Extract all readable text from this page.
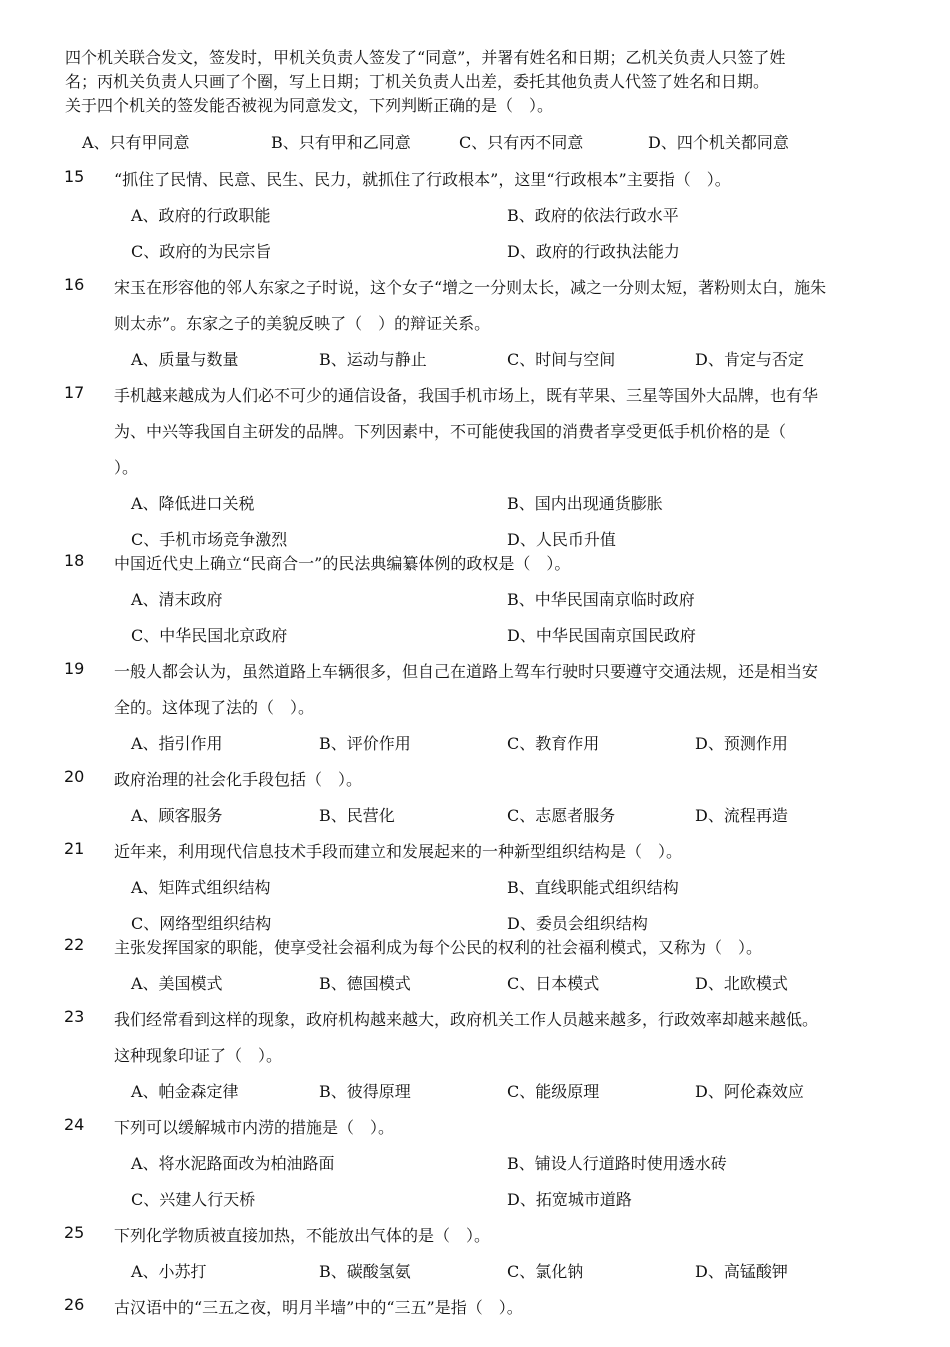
四个机关联合发文，签发时，甲机关负责人签发了“同意”，并署有姓名和日期；乙机关负责人只签了姓
名；丙机关负责人只画了个圈，写上日期；丁机关负责人出差，委托其他负责人代签了姓名和日期。
关于四个机关的签发能否被视为同意发文，下列判断正确的是（　）。
A、只有甲同意	B、只有甲和乙同意	C、只有丙不同意	D、四个机关都同意
15	“抓住了民情、民意、民生、民力，就抓住了行政根本”，这里“行政根本”主要指（　）。
A、政府的行政职能	B、政府的依法行政水平
C、政府的为民宗旨	D、政府的行政执法能力
16	宋玉在形容他的邻人东家之子时说，这个女子“增之一分则太长，减之一分则太短，著粉则太白，施朱
则太赤”。东家之子的美貌反映了（　）的辩证关系。
A、质量与数量	B、运动与静止	C、时间与空间	D、肯定与否定
17	手机越来越成为人们必不可少的通信设备，我国手机市场上，既有苹果、三星等国外大品牌，也有华
为、中兴等我国自主研发的品牌。下列因素中，不可能使我国的消费者享受更低手机价格的是（
）。
A、降低进口关税	B、国内出现通货膨胀
C、手机市场竞争激烈	D、人民币升值
18	中国近代史上确立“民商合一”的民法典编纂体例的政权是（　）。
A、清末政府	B、中华民国南京临时政府
C、中华民国北京政府	D、中华民国南京国民政府
19	一般人都会认为，虽然道路上车辆很多，但自己在道路上驾车行驶时只要遵守交通法规，还是相当安
全的。这体现了法的（　）。
A、指引作用	B、评价作用	C、教育作用	D、预测作用
20	政府治理的社会化手段包括（　）。
A、顾客服务	B、民营化	C、志愿者服务	D、流程再造
21	近年来，利用现代信息技术手段而建立和发展起来的一种新型组织结构是（　）。
A、矩阵式组织结构	B、直线职能式组织结构
C、网络型组织结构	D、委员会组织结构
22	主张发挥国家的职能，使享受社会福利成为每个公民的权利的社会福利模式，又称为（　）。
A、美国模式	B、德国模式	C、日本模式	D、北欧模式
23	我们经常看到这样的现象，政府机构越来越大，政府机关工作人员越来越多，行政效率却越来越低。
这种现象印证了（　）。
A、帕金森定律	B、彼得原理	C、能级原理	D、阿伦森效应
24	下列可以缓解城市内涝的措施是（　）。
A、将水泥路面改为柏油路面	B、铺设人行道路时使用透水砖
C、兴建人行天桥	D、拓宽城市道路
25	下列化学物质被直接加热，不能放出气体的是（　）。
A、小苏打	B、碳酸氢氨	C、氯化钠	D、高锰酸钾
26	古汉语中的“三五之夜，明月半墙”中的“三五”是指（　）。
